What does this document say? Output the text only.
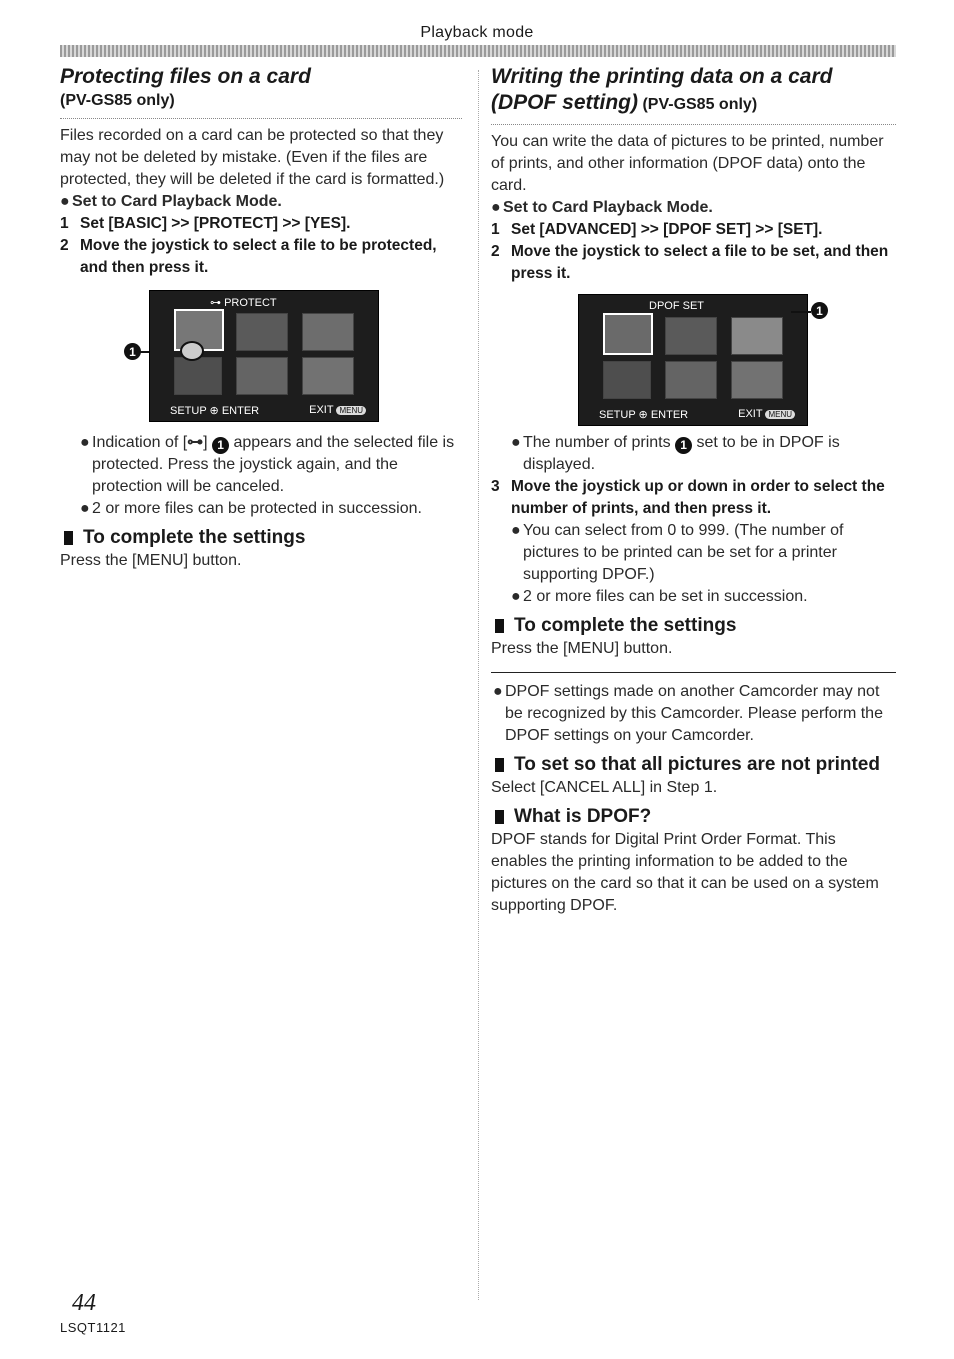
Playback mode
Protecting files on a card

(PV-GS85 only)

Files recorded on a card can be protected so that they may not be deleted by mistake. (Even if the files are protected, they will be deleted if the card is formatted.)

● Set to Card Playback Mode.
1 Set [BASIC] >> [PROTECT] >> [YES].
2 Move the joystick to select a file to be protected, and then press it.
1
⊶ PROTECT
SETUP ⊕ ENTER	EXIT MENU
● Indication of [⊶] 1 appears and the selected file is protected. Press the joystick again, and the protection will be canceled.
● 2 or more files can be protected in succession.
To complete the settings

Press the [MENU] button.

Writing the printing data on a card
(DPOF setting) (PV-GS85 only)

You can write the data of pictures to be printed, number of prints, and other information (DPOF data) onto the card.

● Set to Card Playback Mode.
1 Set [ADVANCED] >> [DPOF SET] >> [SET].
2 Move the joystick to select a file to be set, and then press it.
DPOF SET
SETUP ⊕ ENTER	EXIT MENU
1
● The number of prints 1 set to be in DPOF is displayed.
3 Move the joystick up or down in order to select the number of prints, and then press it.
● You can select from 0 to 999. (The number of pictures to be printed can be set for a printer supporting DPOF.)
● 2 or more files can be set in succession.
To complete the settings

Press the [MENU] button.

● DPOF settings made on another Camcorder may not be recognized by this Camcorder. Please perform the DPOF settings on your Camcorder.
To set so that all pictures are not printed

Select [CANCEL ALL] in Step 1.

What is DPOF?

DPOF stands for Digital Print Order Format. This enables the printing information to be added to the pictures on the card so that it can be used on a system supporting DPOF.

44
LSQT1121
